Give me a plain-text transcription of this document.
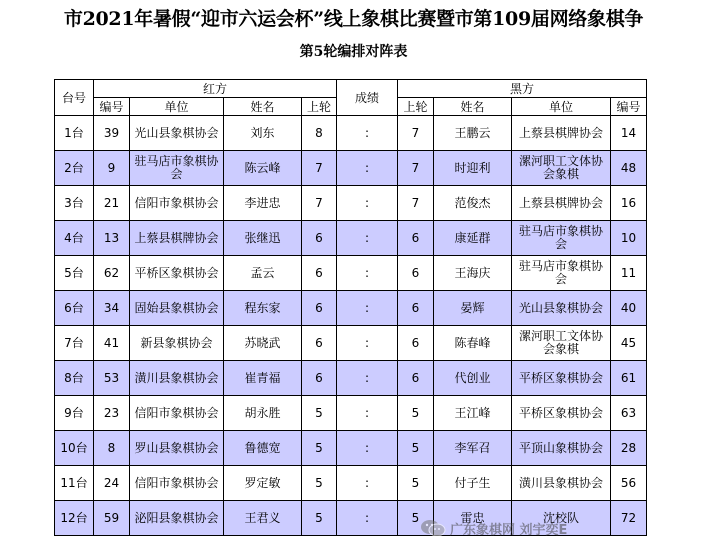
市2021年暑假“迎市六运会杯”线上象棋比赛暨市第109届网络象棋争
第5轮编排对阵表
台号	红方				成绩	黑方			
	编号	单位	姓名	上轮		上轮	姓名	单位	编号
1台	39	光山县象棋协会	刘东	8	:	7	王鹏云	上蔡县棋牌协会	14
2台	9	驻马店市象棋协会	陈云峰	7	:	7	时迎利	漯河职工文体协会象棋	48
3台	21	信阳市象棋协会	李进忠	7	:	7	范俊杰	上蔡县棋牌协会	16
4台	13	上蔡县棋牌协会	张继迅	6	:	6	康延群	驻马店市象棋协会	10
5台	62	平桥区象棋协会	孟云	6	:	6	王海庆	驻马店市象棋协会	11
6台	34	固始县象棋协会	程东家	6	:	6	晏辉	光山县象棋协会	40
7台	41	新县象棋协会	苏晓武	6	:	6	陈春峰	漯河职工文体协会象棋	45
8台	53	潢川县象棋协会	崔青福	6	:	6	代创业	平桥区象棋协会	61
9台	23	信阳市象棋协会	胡永胜	5	:	5	王江峰	平桥区象棋协会	63
10台	8	罗山县象棋协会	鲁德宽	5	:	5	李军召	平顶山象棋协会	28
11台	24	信阳市象棋协会	罗定敏	5	:	5	付子生	潢川县象棋协会	56
12台	59	泌阳县象棋协会	王君义	5	:	5	雷忠	沈校队	72
广东象棋网 刘宇奕E
